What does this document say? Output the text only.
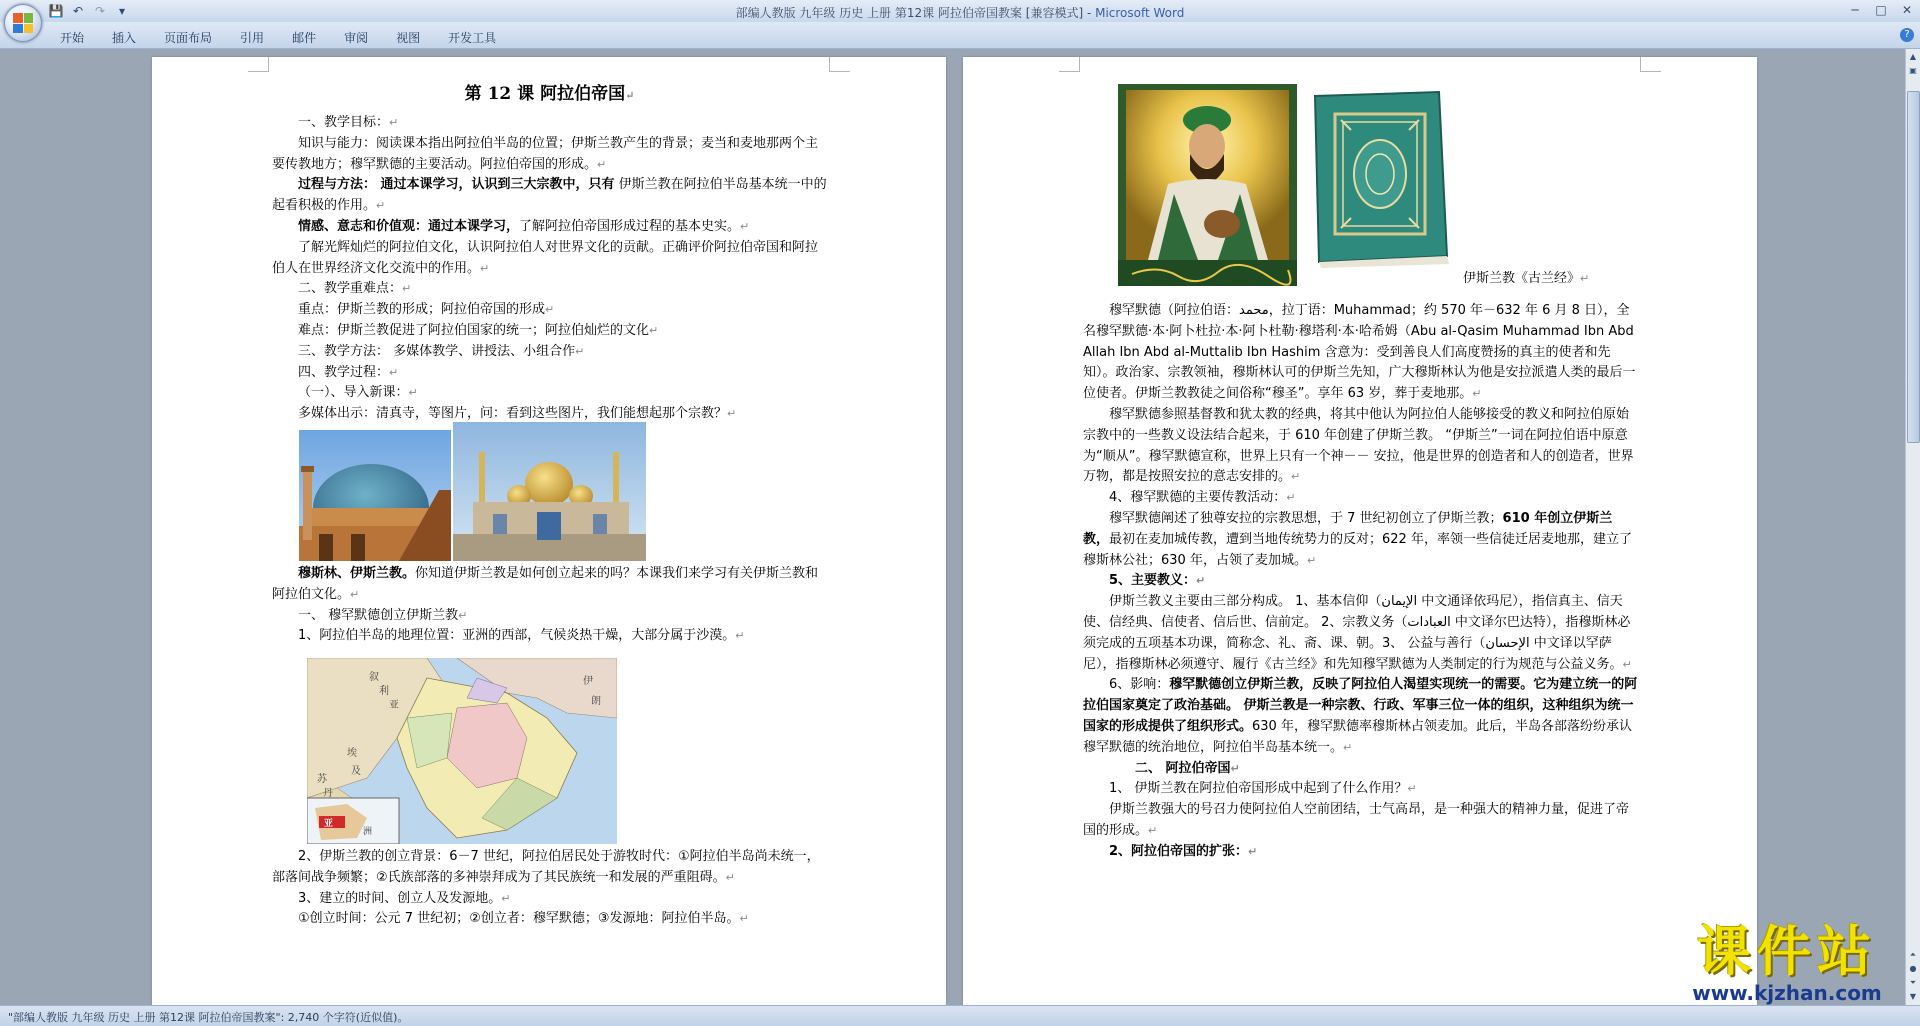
部编人教版 九年级 历史 上册 第12课 阿拉伯帝国教案 [兼容模式] - Microsoft Word
💾 ↶ ↷	▾	─	□	✕
开始	插入	页面布局	引用	邮件	审阅	视图	开发工具	?

第 12 课 阿拉伯帝国↵

一、教学目标：↵

知识与能力：阅读课本指出阿拉伯半岛的位置；伊斯兰教产生的背景；麦当和麦地那两个主要传教地方；穆罕默德的主要活动。阿拉伯帝国的形成。↵

过程与方法： 通过本课学习，认识到三大宗教中，只有 伊斯兰教在阿拉伯半岛基本统一中的起看积极的作用。↵

情感、意志和价值观：通过本课学习，了解阿拉伯帝国形成过程的基本史实。↵

了解光辉灿烂的阿拉伯文化，认识阿拉伯人对世界文化的贡献。正确评价阿拉伯帝国和阿拉伯人在世界经济文化交流中的作用。↵

二、教学重难点：↵

重点：伊斯兰教的形成；阿拉伯帝国的形成↵

难点：伊斯兰教促进了阿拉伯国家的统一；阿拉伯灿烂的文化↵

三、教学方法： 多媒体教学、讲授法、小组合作↵

四、教学过程：↵

（一）、导入新课：↵

多媒体出示：清真寺，等图片，问：看到这些图片，我们能想起那个宗教？↵

穆斯林、伊斯兰教。你知道伊斯兰教是如何创立起来的吗？本课我们来学习有关伊斯兰教和阿拉伯文化。↵

一、 穆罕默德创立伊斯兰教↵

1、阿拉伯半岛的地理位置：亚洲的西部，气候炎热干燥，大部分属于沙漠。↵

伊
朗
叙
利
亚
埃
及
苏
丹
亚
洲

2、伊斯兰教的创立背景：6－7 世纪，阿拉伯居民处于游牧时代：①阿拉伯半岛尚未统一，部落间战争频繁；②氏族部落的多神崇拜成为了其民族统一和发展的严重阻碍。↵

3、建立的时间、创立人及发源地。↵

①创立时间：公元 7 世纪初；②创立者：穆罕默德；③发源地：阿拉伯半岛。↵

伊斯兰教《古兰经》↵

穆罕默德（阿拉伯语：محمد，拉丁语：Muhammad；约 570 年－632 年 6 月 8 日），全名穆罕默德·本·阿卜杜拉·本·阿卜杜勒·穆塔利·本·哈希姆（Abu al-Qasim Muhammad Ibn Abd Allah Ibn Abd al-Muttalib Ibn Hashim 含意为：受到善良人们高度赞扬的真主的使者和先知）。政治家、宗教领袖，穆斯林认可的伊斯兰先知，广大穆斯林认为他是安拉派遣人类的最后一位使者。伊斯兰教教徒之间俗称“穆圣”。享年 63 岁，葬于麦地那。↵

穆罕默德参照基督教和犹太教的经典，将其中他认为阿拉伯人能够接受的教义和阿拉伯原始宗教中的一些教义设法结合起来，于 610 年创建了伊斯兰教。 “伊斯兰”一词在阿拉伯语中原意为“顺从”。穆罕默德宣称，世界上只有一个神－－ 安拉，他是世界的创造者和人的创造者，世界万物，都是按照安拉的意志安排的。↵

4、穆罕默德的主要传教活动：↵

穆罕默德阐述了独尊安拉的宗教思想，于 7 世纪初创立了伊斯兰教；610 年创立伊斯兰教，最初在麦加城传教，遭到当地传统势力的反对；622 年，率领一些信徒迁居麦地那，建立了穆斯林公社；630 年，占领了麦加城。↵

5、主要教义：↵

伊斯兰教义主要由三部分构成。 1、基本信仰（الإيمان 中文通译依玛尼），指信真主、信天使、信经典、信使者、信后世、信前定。 2、宗教义务（العبادات 中文译尔巴达特），指穆斯林必须完成的五项基本功课，简称念、礼、斋、课、朝。3、 公益与善行（الإحسان 中文译以罕萨尼），指穆斯林必须遵守、履行《古兰经》和先知穆罕默德为人类制定的行为规范与公益义务。↵

6、影响：穆罕默德创立伊斯兰教，反映了阿拉伯人渴望实现统一的需要。它为建立统一的阿拉伯国家奠定了政治基础。 伊斯兰教是一种宗教、行政、军事三位一体的组织，这种组织为统一国家的形成提供了组织形式。630 年，穆罕默德率穆斯林占领麦加。此后，半岛各部落纷纷承认穆罕默德的统治地位，阿拉伯半岛基本统一。↵

二、 阿拉伯帝国↵

1、 伊斯兰教在阿拉伯帝国形成中起到了什么作用？↵

伊斯兰教强大的号召力使阿拉伯人空前团结，士气高昂，是一种强大的精神力量，促进了帝国的形成。↵

2、阿拉伯帝国的扩张：↵

▲
▣
⏶
●
⏷
▼
"部编人教版 九年级 历史 上册 第12课 阿拉伯帝国教案": 2,740 个字符(近似值)。
课件站
www.kjzhan.com
